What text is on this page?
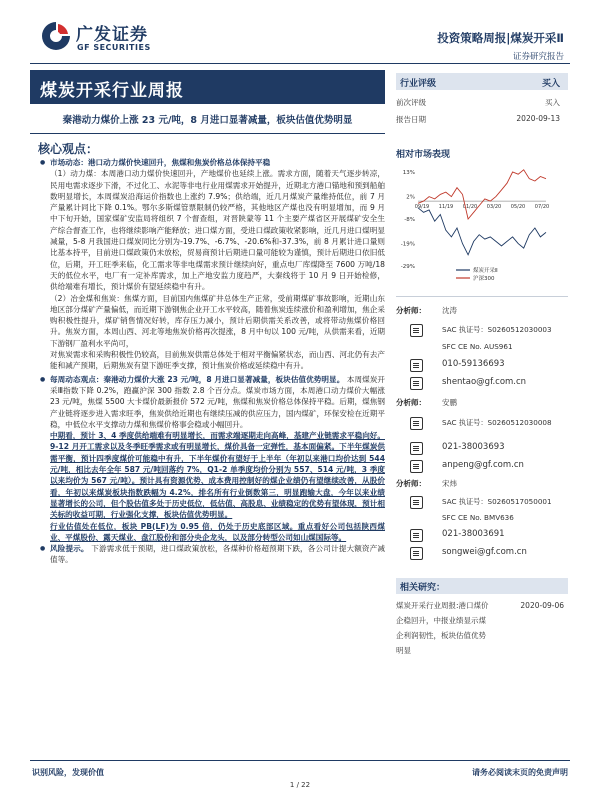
广发证券
GF SECURITIES
投资策略周报|煤炭开采Ⅱ
证券研究报告
煤炭开采行业周报
秦港动力煤价上涨 23 元/吨，8 月进口显著减量，板块估值优势明显
核心观点：
● 市场动态：港口动力煤价快速回升，焦煤和焦炭价格总体保持平稳

（1）动力煤：本周港口动力煤价快速回升，产地煤价也延续上涨。需求方面，随着天气逐步转凉，民用电需求逐步下滑，不过化工、水泥等非电行业用煤需求开始提升，近期北方港口锚地和预到船舶数明显增长，本周煤炭沿海运价指数也上涨约 7.9%；供给端，近几月煤炭产量维持低位，前 7 月产量累计同比下降 0.1%。鄂尔多斯煤管票限制仍较严格，其他地区产煤也没有明显增加，而 9 月中下旬开始，国家煤矿安监局将组织 7 个督查组，对晋陕蒙等 11 个主要产煤省区开展煤矿安全生产综合督查工作，也将继续影响产能释放；进口煤方面，受进口煤政策收紧影响，近几月进口煤明显减量，5-8 月我国进口煤炭同比分别为-19.7%、-6.7%、-20.6%和-37.3%，前 8 月累计进口量则比基本持平，目前进口煤政策仍未放松，贸易商预计后期进口量可能较为谨慎，预计后期进口依旧低位，后期，开工旺季来临，化工需求等非电煤需求预计继续向好，重点电厂库煤降至 7600 万吨/18 天的低位水平，电厂有一定补库需求，加上产地安监力度趋严，大秦线将于 10 月 9 日开始检修，供给端难有增长，预计煤价有望延续稳中有升。

（2）冶金煤和焦炭：焦煤方面，目前国内焦煤矿井总体生产正常，受前期煤矿事故影响，近期山东地区部分煤矿产量偏低，而近期下游钢焦企业开工水平较高，随着焦炭连续涨价和盈利增加，焦企采购积极性提升，煤矿销售情况好转，库存压力减小，预计后期供需关系改善，或将带动焦煤价格回升。焦炭方面，本周山西、河北等地焦炭价格再次提涨，8 月中旬以 100 元/吨，从供需来看，近期下游钢厂盈利水平尚可，

对焦炭需求和采购积极性仍较高，目前焦炭供需总体处于相对平衡偏紧状态，而山西、河北仍有去产能和减产预期，后期焦炭有望下游旺季支撑，预计焦炭价格或延续稳中有升。

● 每周动态观点：秦港动力煤价大涨 23 元/吨，8 月进口显著减量，板块估值优势明显。 本周煤炭开采Ⅲ指数下降 0.2%，跑赢沪深 300 指数 2.8 个百分点。煤炭市场方面，本周港口动力煤价大幅涨 23 元/吨，焦煤 5500 大卡煤价最新报价 572 元/吨，焦煤和焦炭价格总体保持平稳。后期，煤焦钢产业链将逐步进入需求旺季，焦炭供给近期也有继续压减的供应压力，国内煤矿，环保安检在近期平稳，中低位水平支撑动力煤和焦煤价格事会稳或小幅回升。

中期看，预计 3、4 季度供给端难有明显增长，而需求端逐期走向高峰，基建产业链需求平稳向好。9-12 月开工需求以及冬季旺季需求或有明显增长，煤价具备一定弹性，基本面偏紧。下半年煤炭供需平衡，预计四季度煤价可能稳中有升，下半年煤价有望好于上半年（年初以来港口均价达到 544 元/吨，相比去年全年 587 元/吨回落约 7%，Q1-2 单季度均价分别为 557、514 元/吨，3 季度以来均价为 567 元/吨）。预计具有资源优势、成本费用控制好的煤企业绩仍有望继续改善，从股价看，年初以来煤炭板块指数跌幅为 4.2%，排名所有行业倒数第三，明显跑输大盘，今年以来业绩显著增长的公司，但个股估值多处于历史低位，低估值、高股息、业绩稳定的优势有望体现，预计相关标的收益可期，行业强化支撑，板块估值优势明显。

行业估值处在低位，板块 PB(LF)为 0.95 倍，仍处于历史底部区域。重点看好公司包括陕西煤业、平煤股份、露天煤业、盘江股份和部分央企龙头，以及部分转型公司如山煤国际等。

● 风险提示。 下游需求低于预期，进口煤政策放松，各煤种价格超预期下跌，各公司计提大额资产减值等。
行业评级	买入
前次评级	买入
报告日期	2020-09-13
相对市场表现
13%
2%
-8%
-19%
-29%
09/19 11/19 01/20 03/20 05/20 07/20
煤炭开采Ⅱ
沪深300
分析师： 沈涛
SAC 执证号：S0260512030003
SFC CE No. AUS961
010-59136693
shentao@gf.com.cn
分析师： 安鹏
SAC 执证号：S0260512030008
021-38003693
anpeng@gf.com.cn
分析师： 宋炜
SAC 执证号：S0260517050001
SFC CE No. BMV636
021-38003691
songwei@gf.com.cn
相关研究：
煤炭开采行业周报:港口煤价	2020-09-06
企稳回升，中报业绩显示煤
企利润韧性，板块估值优势
明显
识别风险，发现价值	请务必阅读末页的免责声明
1 / 22
